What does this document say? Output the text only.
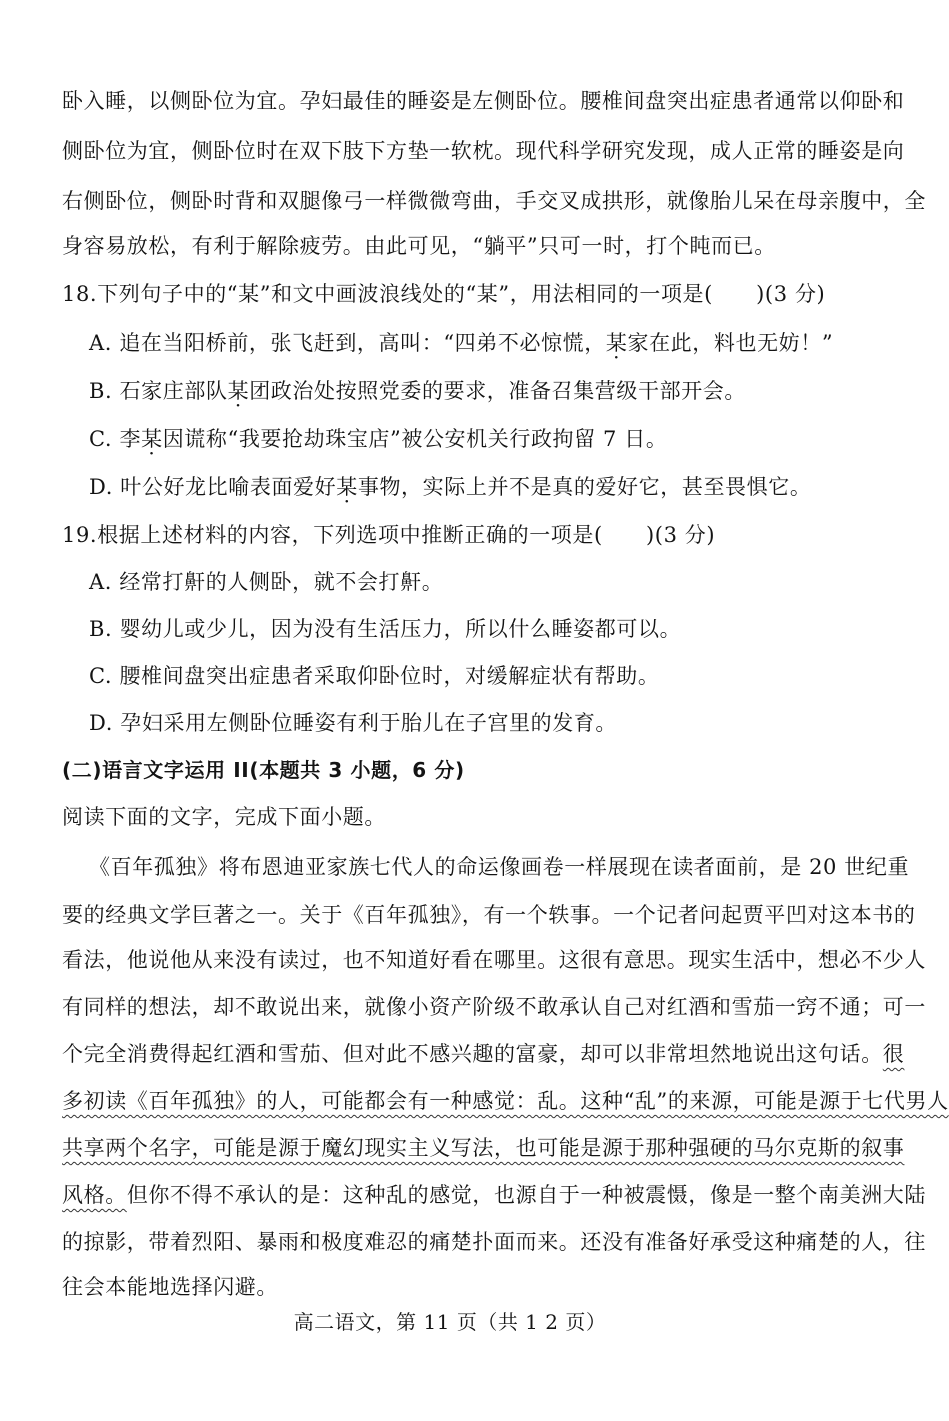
卧入睡，以侧卧位为宜。孕妇最佳的睡姿是左侧卧位。腰椎间盘突出症患者通常以仰卧和
侧卧位为宜，侧卧位时在双下肢下方垫一软枕。现代科学研究发现，成人正常的睡姿是向
右侧卧位，侧卧时背和双腿像弓一样微微弯曲，手交叉成拱形，就像胎儿呆在母亲腹中，全
身容易放松，有利于解除疲劳。由此可见，“躺平”只可一时，打个盹而已。
18.下列句子中的“某”和文中画波浪线处的“某”，用法相同的一项是(　　)(3 分)
A. 追在当阳桥前，张飞赶到，高叫：“四弟不必惊慌，某家在此，料也无妨！”
B. 石家庄部队某团政治处按照党委的要求，准备召集营级干部开会。
C. 李某因谎称“我要抢劫珠宝店”被公安机关行政拘留 7 日。
D. 叶公好龙比喻表面爱好某事物，实际上并不是真的爱好它，甚至畏惧它。
19.根据上述材料的内容，下列选项中推断正确的一项是(　　)(3 分)
A. 经常打鼾的人侧卧，就不会打鼾。
B. 婴幼儿或少儿，因为没有生活压力，所以什么睡姿都可以。
C. 腰椎间盘突出症患者采取仰卧位时，对缓解症状有帮助。
D. 孕妇采用左侧卧位睡姿有利于胎儿在子宫里的发育。
(二)语言文字运用 II(本题共 3 小题，6 分)
阅读下面的文字，完成下面小题。
《百年孤独》将布恩迪亚家族七代人的命运像画卷一样展现在读者面前，是 20 世纪重
要的经典文学巨著之一。关于《百年孤独》，有一个轶事。一个记者问起贾平凹对这本书的
看法，他说他从来没有读过，也不知道好看在哪里。这很有意思。现实生活中，想必不少人
有同样的想法，却不敢说出来，就像小资产阶级不敢承认自己对红酒和雪茄一窍不通；可一
个完全消费得起红酒和雪茄、但对此不感兴趣的富豪，却可以非常坦然地说出这句话。很
多初读《百年孤独》的人，可能都会有一种感觉：乱。这种“乱”的来源，可能是源于七代男人
共享两个名字，可能是源于魔幻现实主义写法，也可能是源于那种强硬的马尔克斯的叙事
风格。但你不得不承认的是：这种乱的感觉，也源自于一种被震慑，像是一整个南美洲大陆
的掠影，带着烈阳、暴雨和极度难忍的痛楚扑面而来。还没有准备好承受这种痛楚的人，往
往会本能地选择闪避。
高二语文，第 11 页（共 1 2 页）
